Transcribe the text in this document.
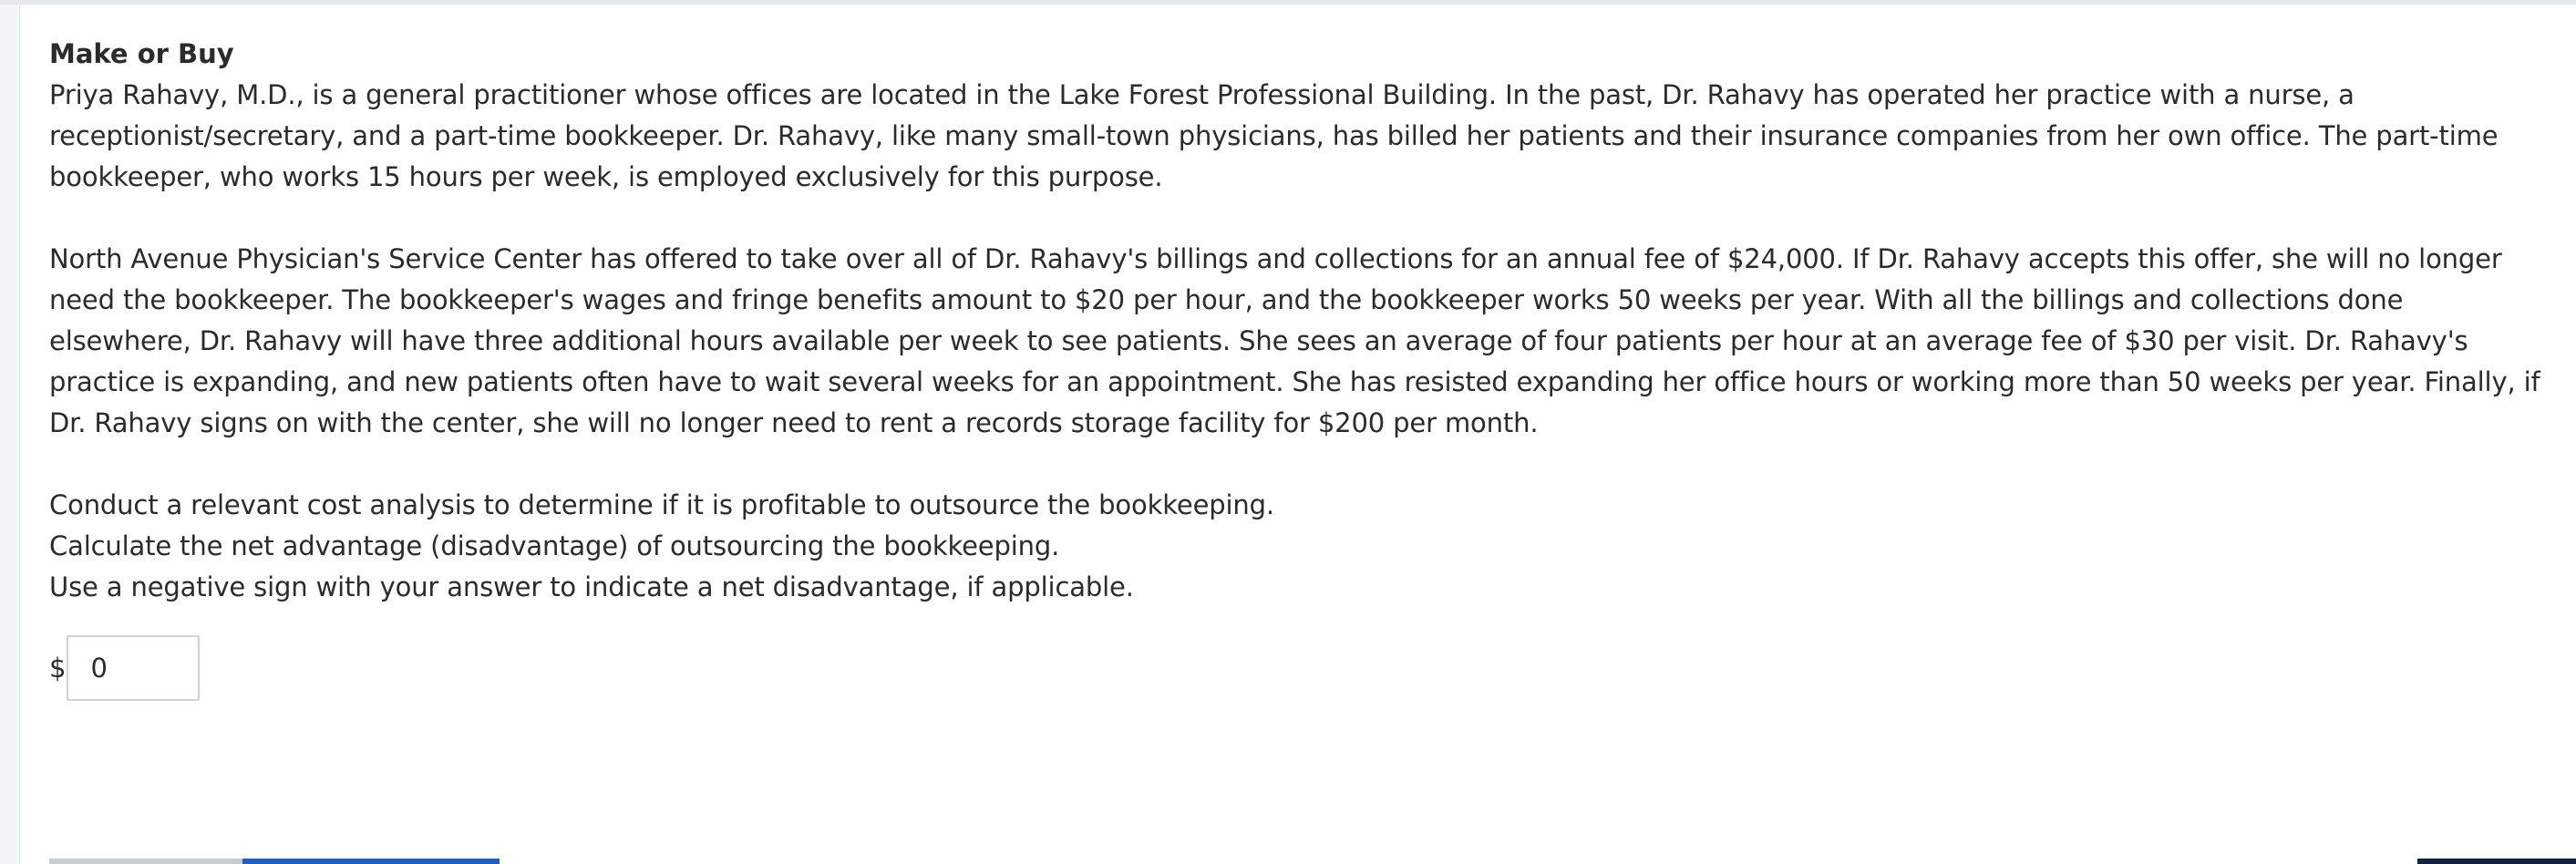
Make or Buy

Priya Rahavy, M.D., is a general practitioner whose offices are located in the Lake Forest Professional Building. In the past, Dr. Rahavy has operated her practice with a nurse, a receptionist/secretary, and a part-time bookkeeper. Dr. Rahavy, like many small-town physicians, has billed her patients and their insurance companies from her own office. The part-time bookkeeper, who works 15 hours per week, is employed exclusively for this purpose.

North Avenue Physician's Service Center has offered to take over all of Dr. Rahavy's billings and collections for an annual fee of $24,000. If Dr. Rahavy accepts this offer, she will no longer need the bookkeeper. The bookkeeper's wages and fringe benefits amount to $20 per hour, and the bookkeeper works 50 weeks per year. With all the billings and collections done elsewhere, Dr. Rahavy will have three additional hours available per week to see patients. She sees an average of four patients per hour at an average fee of $30 per visit. Dr. Rahavy's practice is expanding, and new patients often have to wait several weeks for an appointment. She has resisted expanding her office hours or working more than 50 weeks per year. Finally, if Dr. Rahavy signs on with the center, she will no longer need to rent a records storage facility for $200 per month.

Conduct a relevant cost analysis to determine if it is profitable to outsource the bookkeeping.
Calculate the net advantage (disadvantage) of outsourcing the bookkeeping.
Use a negative sign with your answer to indicate a net disadvantage, if applicable.
$
0
